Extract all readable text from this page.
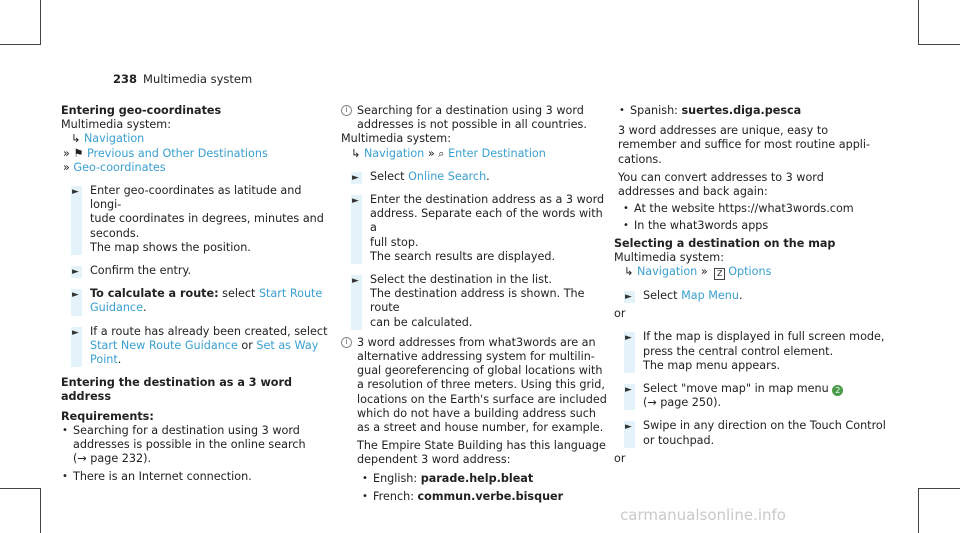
238 Multimedia system

Entering geo-coordinates

Multimedia system:

↳ Navigation

» ⚑ Previous and Other Destinations

» Geo-coordinates

► Enter geo-coordinates as latitude and longi-

tude coordinates in degrees, minutes and

seconds.

The map shows the position.

► Confirm the entry.

► To calculate a route: select Start Route

Guidance.

► If a route has already been created, select

Start New Route Guidance or Set as Way

Point.

Entering the destination as a 3 word address

Requirements:

• Searching for a destination using 3 word

addresses is possible in the online search

(→ page 232).

• There is an Internet connection.

i Searching for a destination using 3 word

addresses is not possible in all countries.

Multimedia system:

↳ Navigation » ⌕ Enter Destination

► Select Online Search.

► Enter the destination address as a 3 word

address. Separate each of the words with a

full stop.

The search results are displayed.

► Select the destination in the list.

The destination address is shown. The route

can be calculated.

i 3 word addresses from what3words are an

alternative addressing system for multilin-

gual georeferencing of global locations with

a resolution of three meters. Using this grid,

locations on the Earth's surface are included

which do not have a building address such

as a street and house number, for example.

The Empire State Building has this language

dependent 3 word address:

• English: parade.help.bleat

• French: commun.verbe.bisquer

• Spanish: suertes.diga.pesca

3 word addresses are unique, easy to

remember and suffice for most routine appli-

cations.

You can convert addresses to 3 word

addresses and back again:

• At the website https://what3words.com

• In the what3words apps

Selecting a destination on the map

Multimedia system:

↳ Navigation » Z Options

► Select Map Menu.

or

► If the map is displayed in full screen mode,

press the central control element.

The map menu appears.

► Select "move map" in map menu 2

(→ page 250).

► Swipe in any direction on the Touch Control

or touchpad.

or

carmanualsonline.info
